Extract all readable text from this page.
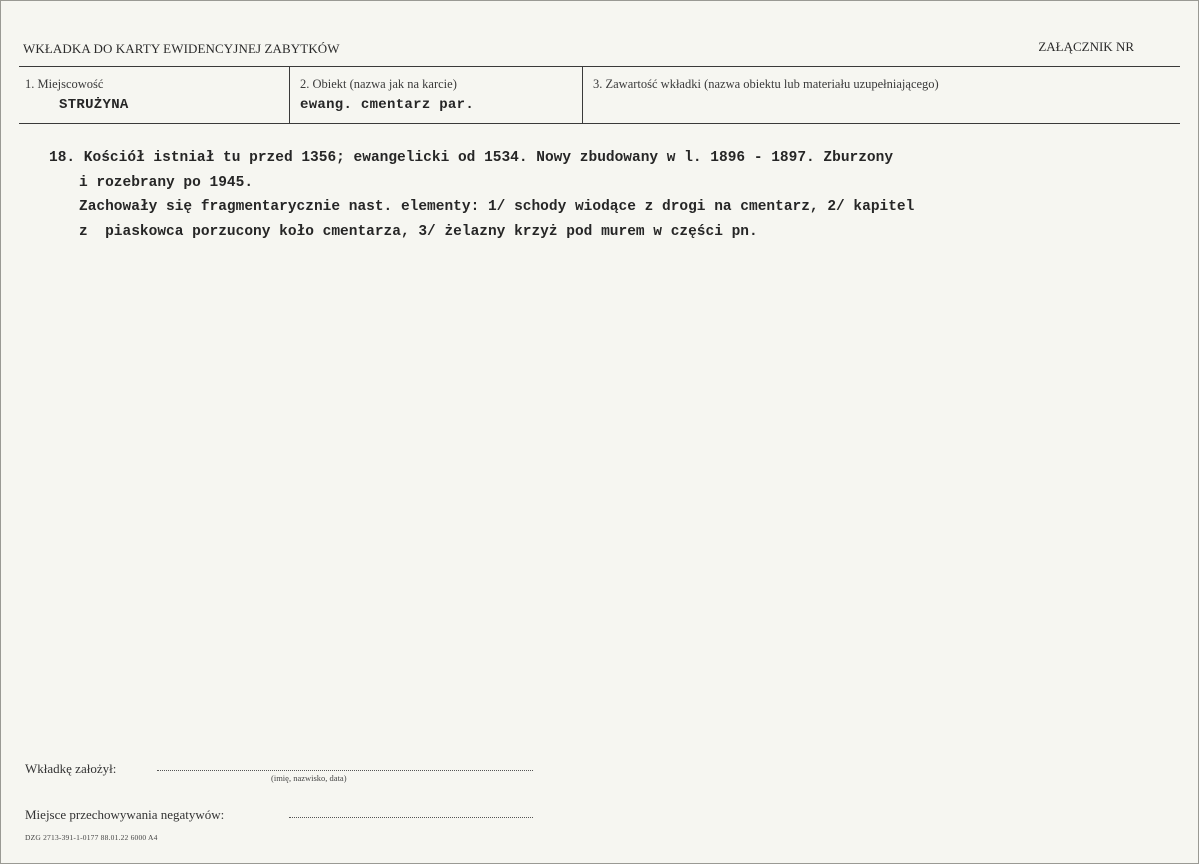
WKŁADKA DO KARTY EWIDENCYJNEJ ZABYTKÓW	ZAŁĄCZNIK NR
1. Miejscowość
STRUŻYNA
2. Obiekt (nazwa jak na karcie)
ewang. cmentarz par.
3. Zawartość wkładki (nazwa obiektu lub materiału uzupełniającego)
18. Kościół istniał tu przed 1356; ewangelicki od 1534. Nowy zbudowany w l. 1896 - 1897. Zburzony
i rozebrany po 1945.
Zachowały się fragmentarycznie nast. elementy: 1/ schody wiodące z drogi na cmentarz, 2/ kapitel
z  piaskowca porzucony koło cmentarza, 3/ żelazny krzyż pod murem w części pn.
Wkładkę założył:
(imię, nazwisko, data)
Miejsce przechowywania negatywów:
DZG 2713-391-1-0177 88.01.22 6000 A4
